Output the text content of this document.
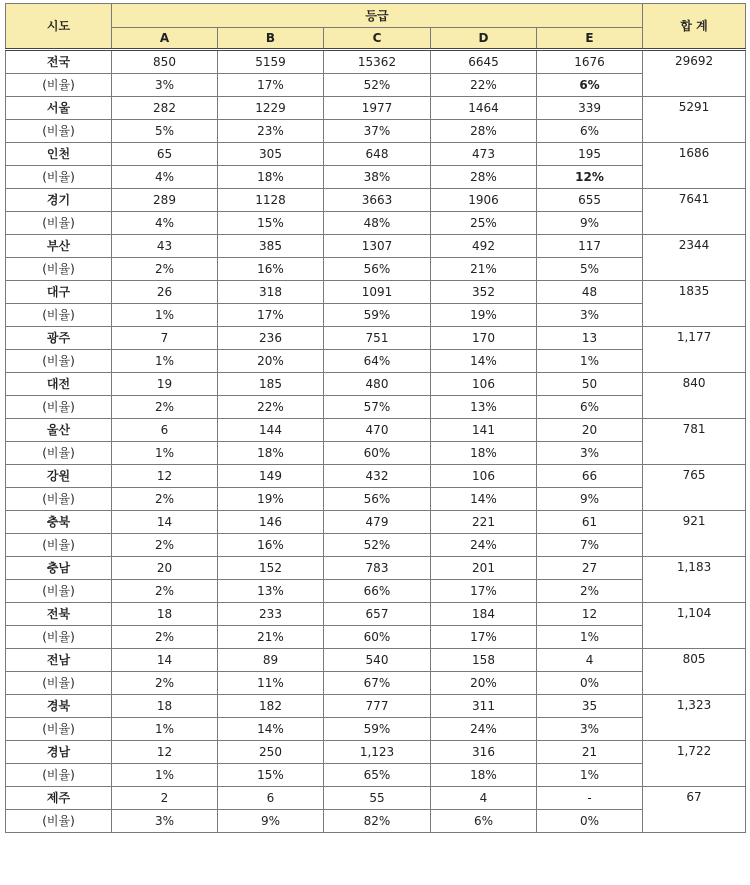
시도	등급					합 계
	A	B	C	D	E	
전국	850	5159	15362	6645	1676	29692
(비율)	3%	17%	52%	22%	6%	
서울	282	1229	1977	1464	339	5291
(비율)	5%	23%	37%	28%	6%	
인천	65	305	648	473	195	1686
(비율)	4%	18%	38%	28%	12%	
경기	289	1128	3663	1906	655	7641
(비율)	4%	15%	48%	25%	9%	
부산	43	385	1307	492	117	2344
(비율)	2%	16%	56%	21%	5%	
대구	26	318	1091	352	48	1835
(비율)	1%	17%	59%	19%	3%	
광주	7	236	751	170	13	1,177
(비율)	1%	20%	64%	14%	1%	
대전	19	185	480	106	50	840
(비율)	2%	22%	57%	13%	6%	
울산	6	144	470	141	20	781
(비율)	1%	18%	60%	18%	3%	
강원	12	149	432	106	66	765
(비율)	2%	19%	56%	14%	9%	
충북	14	146	479	221	61	921
(비율)	2%	16%	52%	24%	7%	
충남	20	152	783	201	27	1,183
(비율)	2%	13%	66%	17%	2%	
전북	18	233	657	184	12	1,104
(비율)	2%	21%	60%	17%	1%	
전남	14	89	540	158	4	805
(비율)	2%	11%	67%	20%	0%	
경북	18	182	777	311	35	1,323
(비율)	1%	14%	59%	24%	3%	
경남	12	250	1,123	316	21	1,722
(비율)	1%	15%	65%	18%	1%	
제주	2	6	55	4	-	67
(비율)	3%	9%	82%	6%	0%	
